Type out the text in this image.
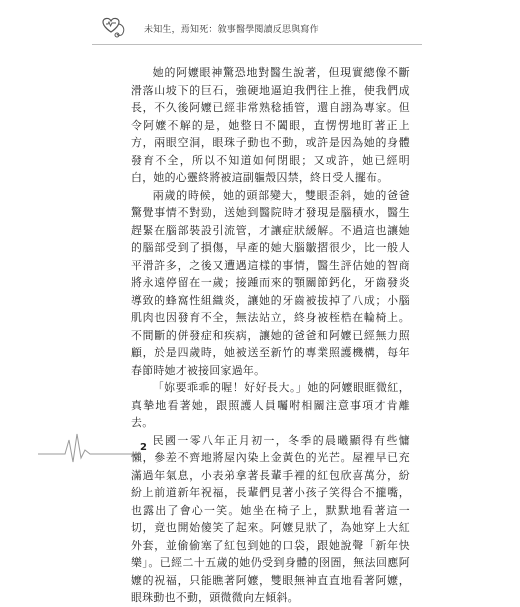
未知生，焉知死：敘事醫學閱讀反思與寫作

她的阿嬤眼神驚恐地對醫生說著，但現實總像不斷滑落山坡下的巨石，強硬地逼迫我們往上推，使我們成長，不久後阿嬤已經非常熟稔插管，還自詡為專家。但令阿嬤不解的是，她整日不闔眼，直愣愣地盯著正上方，兩眼空洞，眼珠子動也不動，或許是因為她的身體發育不全，所以不知道如何閉眼；又或許，她已經明白，她的心靈終將被這副軀殼囚禁，終日受人擺布。

兩歲的時候，她的頭部變大，雙眼歪斜，她的爸爸驚覺事情不對勁，送她到醫院時才發現是腦積水，醫生趕緊在腦部裝設引流管，才讓症狀緩解。不過這也讓她的腦部受到了損傷，早產的她大腦皺摺很少，比一般人平滑許多，之後又遭遇這樣的事情，醫生評估她的智商將永遠停留在一歲；接踵而來的顎關節鈣化，牙齒發炎導致的蜂窩性組織炎，讓她的牙齒被拔掉了八成；小腦肌肉也因發育不全，無法站立，終身被桎梏在輪椅上。不間斷的併發症和疾病，讓她的爸爸和阿嬤已經無力照顧，於是四歲時，她被送至新竹的專業照護機構，每年春節時她才被接回家過年。

「妳要乖乖的喔！好好長大。」她的阿嬤眼眶微紅，真摯地看著她，跟照護人員囑咐相關注意事項才肯離去。

民國一零八年正月初一，冬季的晨曦顯得有些慵懶，參差不齊地將屋內染上金黃色的光芒。屋裡早已充滿過年氣息，小表弟拿著長輩手裡的紅包欣喜萬分，紛紛上前道新年祝福，長輩們見著小孩子笑得合不攏嘴，也露出了會心一笑。她坐在椅子上，默默地看著這一切，竟也開始傻笑了起來。阿嬤見狀了，為她穿上大紅外套，並偷偷塞了紅包到她的口袋，跟她說聲「新年快樂」。已經二十五歲的她仍受到身體的囹圄，無法回應阿嬤的祝福，只能瞧著阿嬤，雙眼無神直直地看著阿嬤，眼珠動也不動，頭微微向左傾斜。

2
